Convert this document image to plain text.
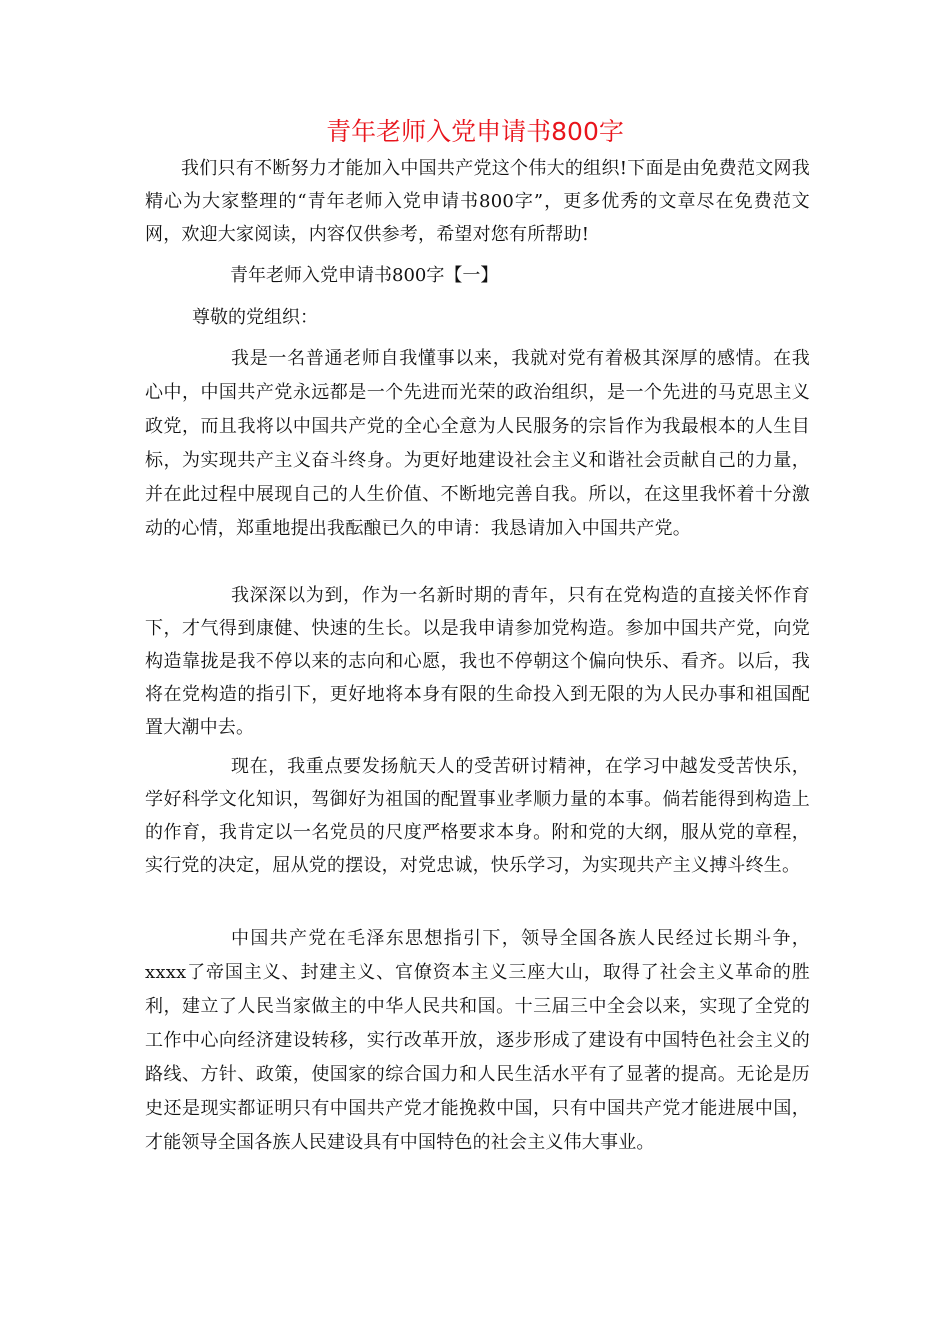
青年老师入党申请书800字

我们只有不断努力才能加入中国共产党这个伟大的组织!下面是由免费范文网我精心为大家整理的“青年老师入党申请书800字”，更多优秀的文章尽在免费范文网，欢迎大家阅读，内容仅供参考，希望对您有所帮助!

青年老师入党申请书800字【一】

尊敬的党组织：

我是一名普通老师自我懂事以来，我就对党有着极其深厚的感情。在我心中，中国共产党永远都是一个先进而光荣的政治组织，是一个先进的马克思主义政党，而且我将以中国共产党的全心全意为人民服务的宗旨作为我最根本的人生目标，为实现共产主义奋斗终身。为更好地建设社会主义和谐社会贡献自己的力量，并在此过程中展现自己的人生价值、不断地完善自我。所以，在这里我怀着十分激动的心情，郑重地提出我酝酿已久的申请：我恳请加入中国共产党。

我深深以为到，作为一名新时期的青年，只有在党构造的直接关怀作育下，才气得到康健、快速的生长。以是我申请参加党构造。参加中国共产党，向党构造靠拢是我不停以来的志向和心愿，我也不停朝这个偏向快乐、看齐。以后，我将在党构造的指引下，更好地将本身有限的生命投入到无限的为人民办事和祖国配置大潮中去。

现在，我重点要发扬航天人的受苦研讨精神，在学习中越发受苦快乐，学好科学文化知识，驾御好为祖国的配置事业孝顺力量的本事。倘若能得到构造上的作育，我肯定以一名党员的尺度严格要求本身。附和党的大纲，服从党的章程，实行党的决定，屈从党的摆设，对党忠诚，快乐学习，为实现共产主义搏斗终生。

中国共产党在毛泽东思想指引下，领导全国各族人民经过长期斗争，xxxx了帝国主义、封建主义、官僚资本主义三座大山，取得了社会主义革命的胜利，建立了人民当家做主的中华人民共和国。十三届三中全会以来，实现了全党的工作中心向经济建设转移，实行改革开放，逐步形成了建设有中国特色社会主义的路线、方针、政策，使国家的综合国力和人民生活水平有了显著的提高。无论是历史还是现实都证明只有中国共产党才能挽救中国，只有中国共产党才能进展中国，才能领导全国各族人民建设具有中国特色的社会主义伟大事业。
